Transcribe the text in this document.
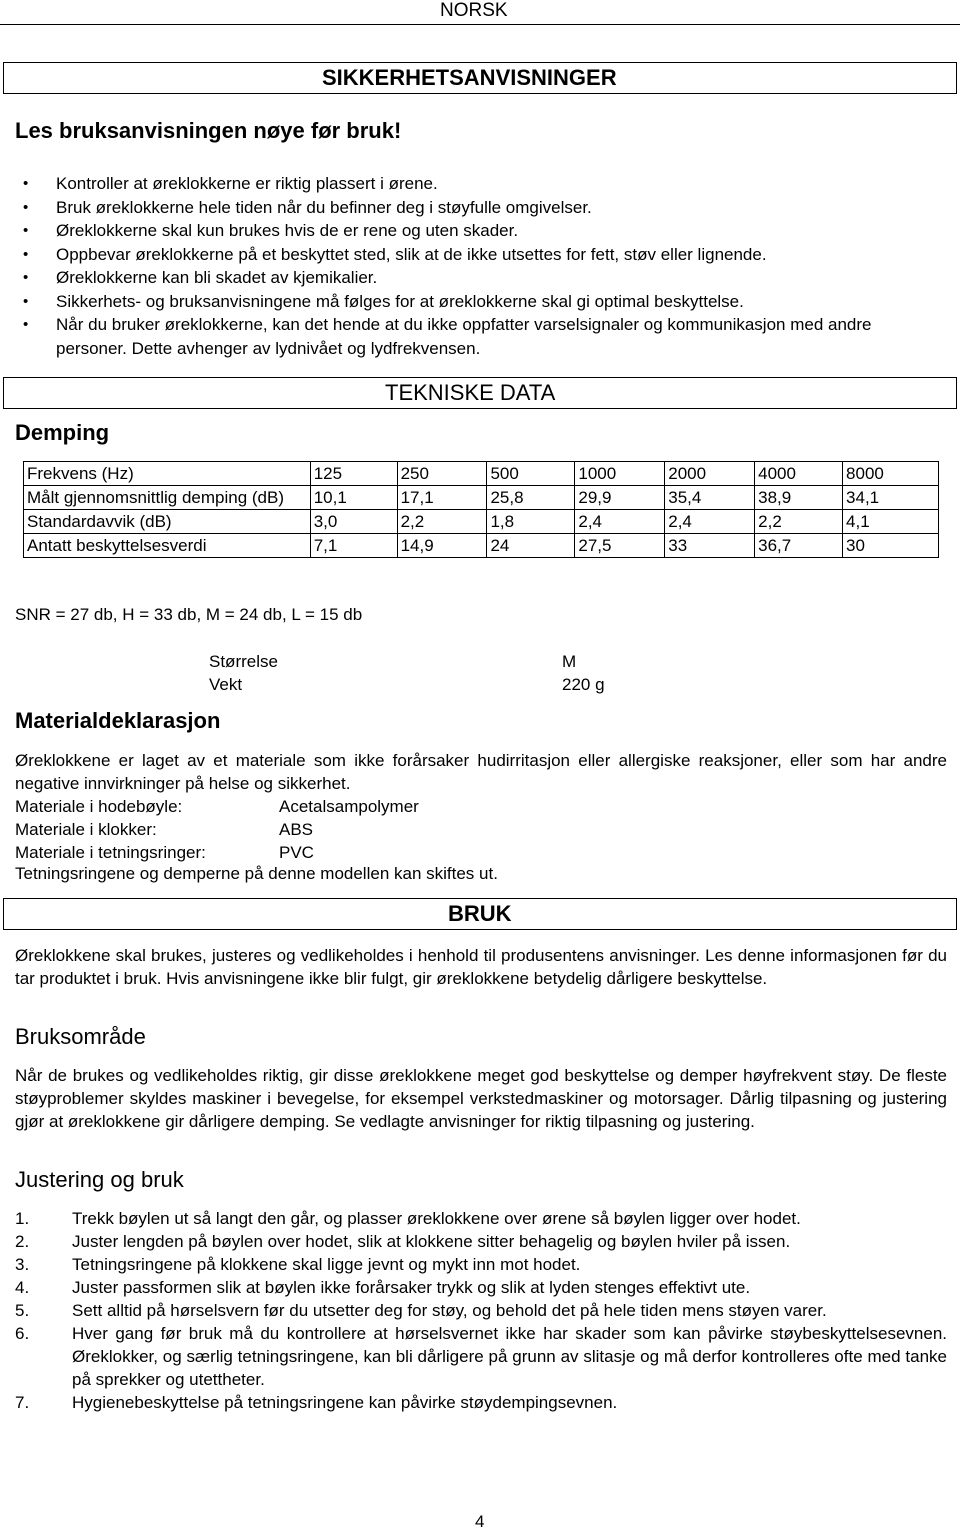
NORSK
SIKKERHETSANVISNINGER
Les bruksanvisningen nøye før bruk!
• Kontroller at øreklokkerne er riktig plassert i ørene.
• Bruk øreklokkerne hele tiden når du befinner deg i støyfulle omgivelser.
• Øreklokkerne skal kun brukes hvis de er rene og uten skader.
• Oppbevar øreklokkerne på et beskyttet sted, slik at de ikke utsettes for fett, støv eller lignende.
• Øreklokkerne kan bli skadet av kjemikalier.
• Sikkerhets- og bruksanvisningene må følges for at øreklokkerne skal gi optimal beskyttelse.
• Når du bruker øreklokkerne, kan det hende at du ikke oppfatter varselsignaler og kommunikasjon med andre personer. Dette avhenger av lydnivået og lydfrekvensen.
TEKNISKE DATA
Demping
Frekvens (Hz)	125	250	500	1000	2000	4000	8000
Målt gjennomsnittlig demping (dB)	10,1	17,1	25,8	29,9	35,4	38,9	34,1
Standardavvik (dB)	3,0	2,2	1,8	2,4	2,4	2,2	4,1
Antatt beskyttelsesverdi	7,1	14,9	24	27,5	33	36,7	30
SNR = 27 db, H = 33 db, M = 24 db, L = 15 db
Størrelse	M
Vekt	220 g
Materialdeklarasjon
Øreklokkene er laget av et materiale som ikke forårsaker hudirritasjon eller allergiske reaksjoner, eller som har andre negative innvirkninger på helse og sikkerhet.
Materiale i hodebøyle:	Acetalsampolymer
Materiale i klokker:	ABS
Materiale i tetningsringer:	PVC
Tetningsringene og demperne på denne modellen kan skiftes ut.
BRUK
Øreklokkene skal brukes, justeres og vedlikeholdes i henhold til produsentens anvisninger. Les denne informasjonen før du tar produktet i bruk. Hvis anvisningene ikke blir fulgt, gir øreklokkene betydelig dårligere beskyttelse.
Bruksområde
Når de brukes og vedlikeholdes riktig, gir disse øreklokkene meget god beskyttelse og demper høyfrekvent støy. De fleste støyproblemer skyldes maskiner i bevegelse, for eksempel verkstedmaskiner og motorsager. Dårlig tilpasning og justering gjør at øreklokkene gir dårligere demping. Se vedlagte anvisninger for riktig tilpasning og justering.
Justering og bruk
1.	Trekk bøylen ut så langt den går, og plasser øreklokkene over ørene så bøylen ligger over hodet.
2.	Juster lengden på bøylen over hodet, slik at klokkene sitter behagelig og bøylen hviler på issen.
3.	Tetningsringene på klokkene skal ligge jevnt og mykt inn mot hodet.
4.	Juster passformen slik at bøylen ikke forårsaker trykk og slik at lyden stenges effektivt ute.
5.	Sett alltid på hørselsvern før du utsetter deg for støy, og behold det på hele tiden mens støyen varer.
6.	Hver gang før bruk må du kontrollere at hørselsvernet ikke har skader som kan påvirke støybeskyttelsesevnen. Øreklokker, og særlig tetningsringene, kan bli dårligere på grunn av slitasje og må derfor kontrolleres ofte med tanke på sprekker og utettheter.
7.	Hygienebeskyttelse på tetningsringene kan påvirke støydempingsevnen.
4
